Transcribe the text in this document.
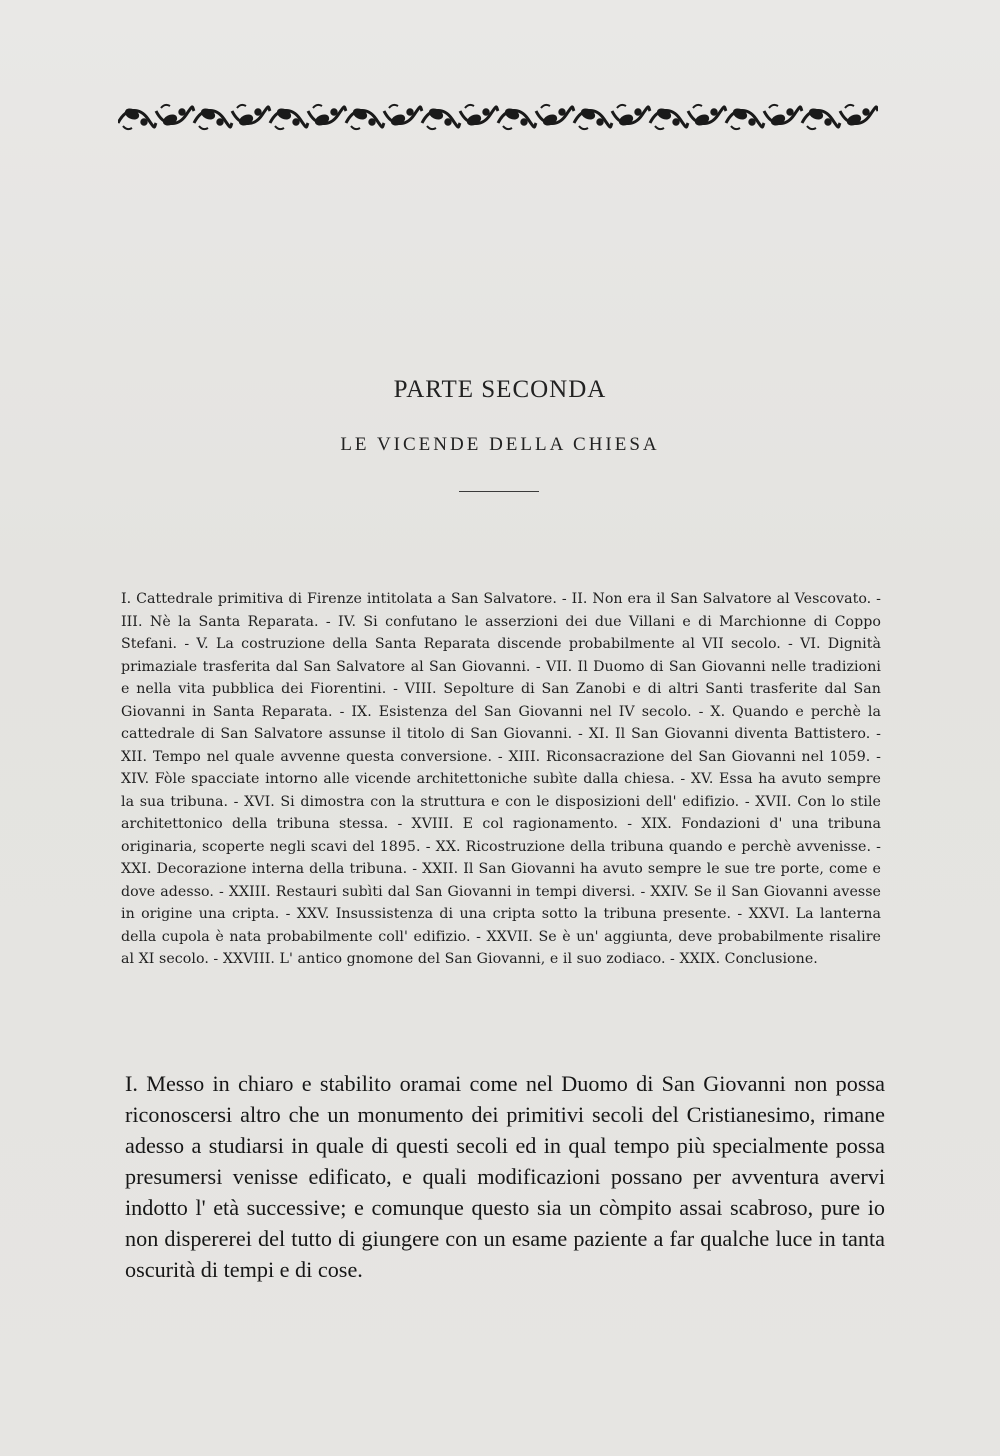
PARTE SECONDA
LE VICENDE DELLA CHIESA
I. Cattedrale primitiva di Firenze intitolata a San Salvatore. - II. Non era il San Salvatore al Vescovato. - III. Nè la Santa Reparata. - IV. Si confutano le asserzioni dei due Villani e di Marchionne di Coppo Stefani. - V. La costruzione della Santa Reparata discende probabilmente al VII secolo. - VI. Dignità primaziale trasferita dal San Salvatore al San Giovanni. - VII. Il Duomo di San Giovanni nelle tradizioni e nella vita pubblica dei Fiorentini. - VIII. Sepolture di San Zanobi e di altri Santi trasferite dal San Giovanni in Santa Reparata. - IX. Esistenza del San Giovanni nel IV secolo. - X. Quando e perchè la cattedrale di San Salvatore assunse il titolo di San Giovanni. - XI. Il San Giovanni diventa Battistero. - XII. Tempo nel quale avvenne questa conversione. - XIII. Riconsacrazione del San Giovanni nel 1059. - XIV. Fòle spacciate intorno alle vicende architettoniche subìte dalla chiesa. - XV. Essa ha avuto sempre la sua tribuna. - XVI. Si dimostra con la struttura e con le disposizioni dell' edifizio. - XVII. Con lo stile architettonico della tribuna stessa. - XVIII. E col ragionamento. - XIX. Fondazioni d' una tribuna originaria, scoperte negli scavi del 1895. - XX. Ricostruzione della tribuna quando e perchè avvenisse. - XXI. Decorazione interna della tribuna. - XXII. Il San Giovanni ha avuto sempre le sue tre porte, come e dove adesso. - XXIII. Restauri subìti dal San Giovanni in tempi diversi. - XXIV. Se il San Giovanni avesse in origine una cripta. - XXV. Insussistenza di una cripta sotto la tribuna presente. - XXVI. La lanterna della cupola è nata probabilmente coll' edifizio. - XXVII. Se è un' aggiunta, deve probabilmente risalire al XI secolo. - XXVIII. L' antico gnomone del San Giovanni, e il suo zodiaco. - XXIX. Conclusione.

I. Messo in chiaro e stabilito oramai come nel Duomo di San Giovanni non possa riconoscersi altro che un monumento dei primitivi secoli del Cristianesimo, rimane adesso a studiarsi in quale di questi secoli ed in qual tempo più specialmente possa presumersi venisse edificato, e quali modificazioni possano per avventura avervi indotto l' età successive; e comunque questo sia un còmpito assai scabroso, pure io non dispererei del tutto di giungere con un esame paziente a far qualche luce in tanta oscurità di tempi e di cose.
